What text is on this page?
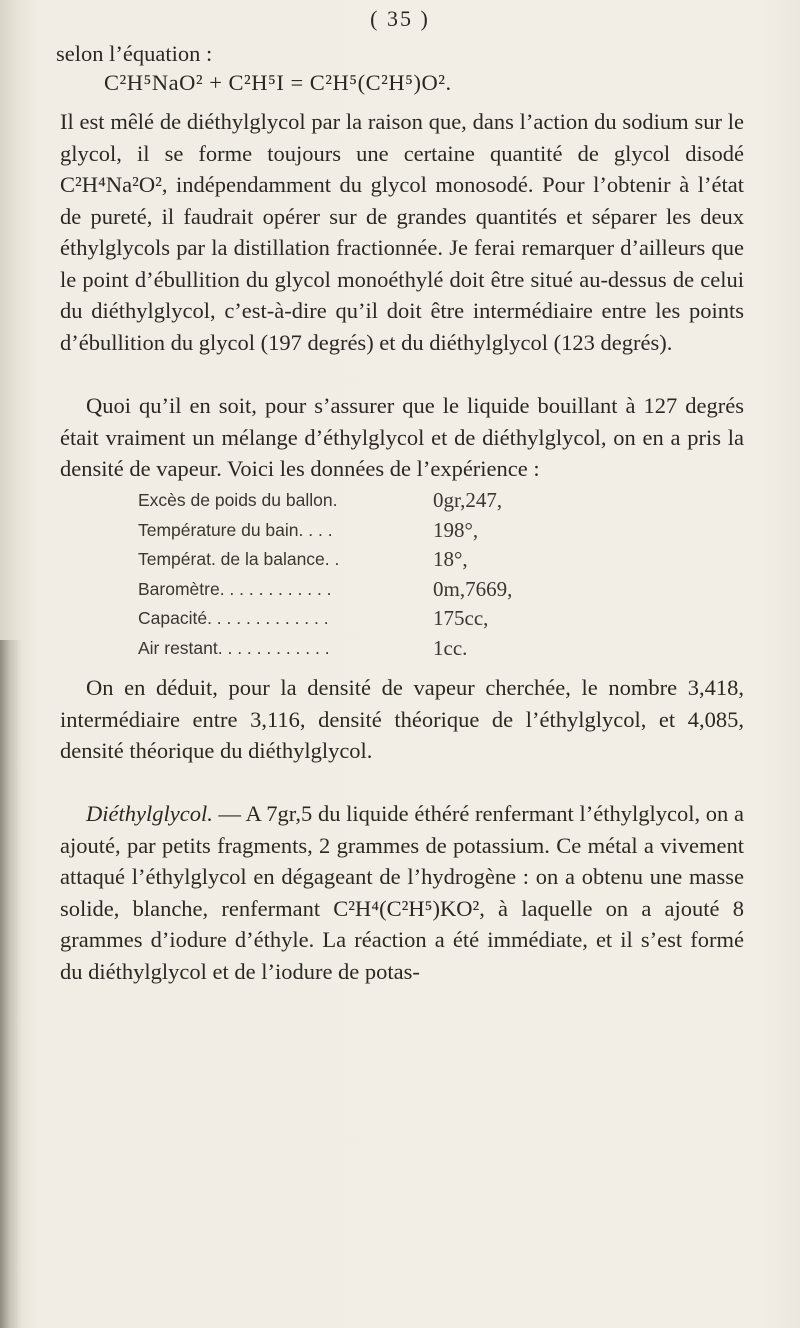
( 35 )
selon l’équation :
C²H⁵NaO² + C²H⁵I = C²H⁵(C²H⁵)O².
Il est mêlé de diéthylglycol par la raison que, dans l’action du sodium sur le glycol, il se forme toujours une certaine quantité de glycol disodé C²H⁴Na²O², indépendamment du glycol monosodé. Pour l’obtenir à l’état de pureté, il faudrait opérer sur de grandes quantités et séparer les deux éthylglycols par la distillation fractionnée. Je ferai remarquer d’ailleurs que le point d’ébullition du glycol monoéthylé doit être situé au-dessus de celui du diéthylglycol, c’est-à-dire qu’il doit être intermédiaire entre les points d’ébullition du glycol (197 degrés) et du diéthylglycol (123 degrés).
Quoi qu’il en soit, pour s’assurer que le liquide bouillant à 127 degrés était vraiment un mélange d’éthylglycol et de diéthylglycol, on en a pris la densité de vapeur. Voici les données de l’expérience :
Excès de poids du ballon.	0gr,247,
Température du bain. . . .	198°,
Températ. de la balance. .	18°,
Baromètre. . . . . . . . . . . .	0m,7669,
Capacité. . . . . . . . . . . . .	175cc,
Air restant. . . . . . . . . . . .	1cc.
On en déduit, pour la densité de vapeur cherchée, le nombre 3,418, intermédiaire entre 3,116, densité théorique de l’éthylglycol, et 4,085, densité théorique du diéthylglycol.
Diéthylglycol. — A 7gr,5 du liquide éthéré renfermant l’éthylglycol, on a ajouté, par petits fragments, 2 grammes de potassium. Ce métal a vivement attaqué l’éthylglycol en dégageant de l’hydrogène : on a obtenu une masse solide, blanche, renfermant C²H⁴(C²H⁵)KO², à laquelle on a ajouté 8 grammes d’iodure d’éthyle. La réaction a été immédiate, et il s’est formé du diéthylglycol et de l’iodure de potas-
